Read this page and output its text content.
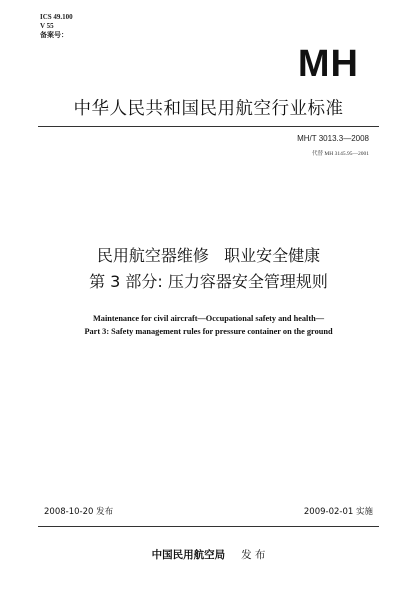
ICS 49.100
V 55
备案号：
MH
中华人民共和国民用航空行业标准
MH/T 3013.3—2008
代替 MH 3145.95—2001
民用航空器维修   职业安全健康
第 3 部分: 压力容器安全管理规则
Maintenance for civil aircraft—Occupational safety and health—
Part 3: Safety management rules for pressure container on the ground
2008-10-20 发布	2009-02-01 实施
中国民用航空局 发 布
